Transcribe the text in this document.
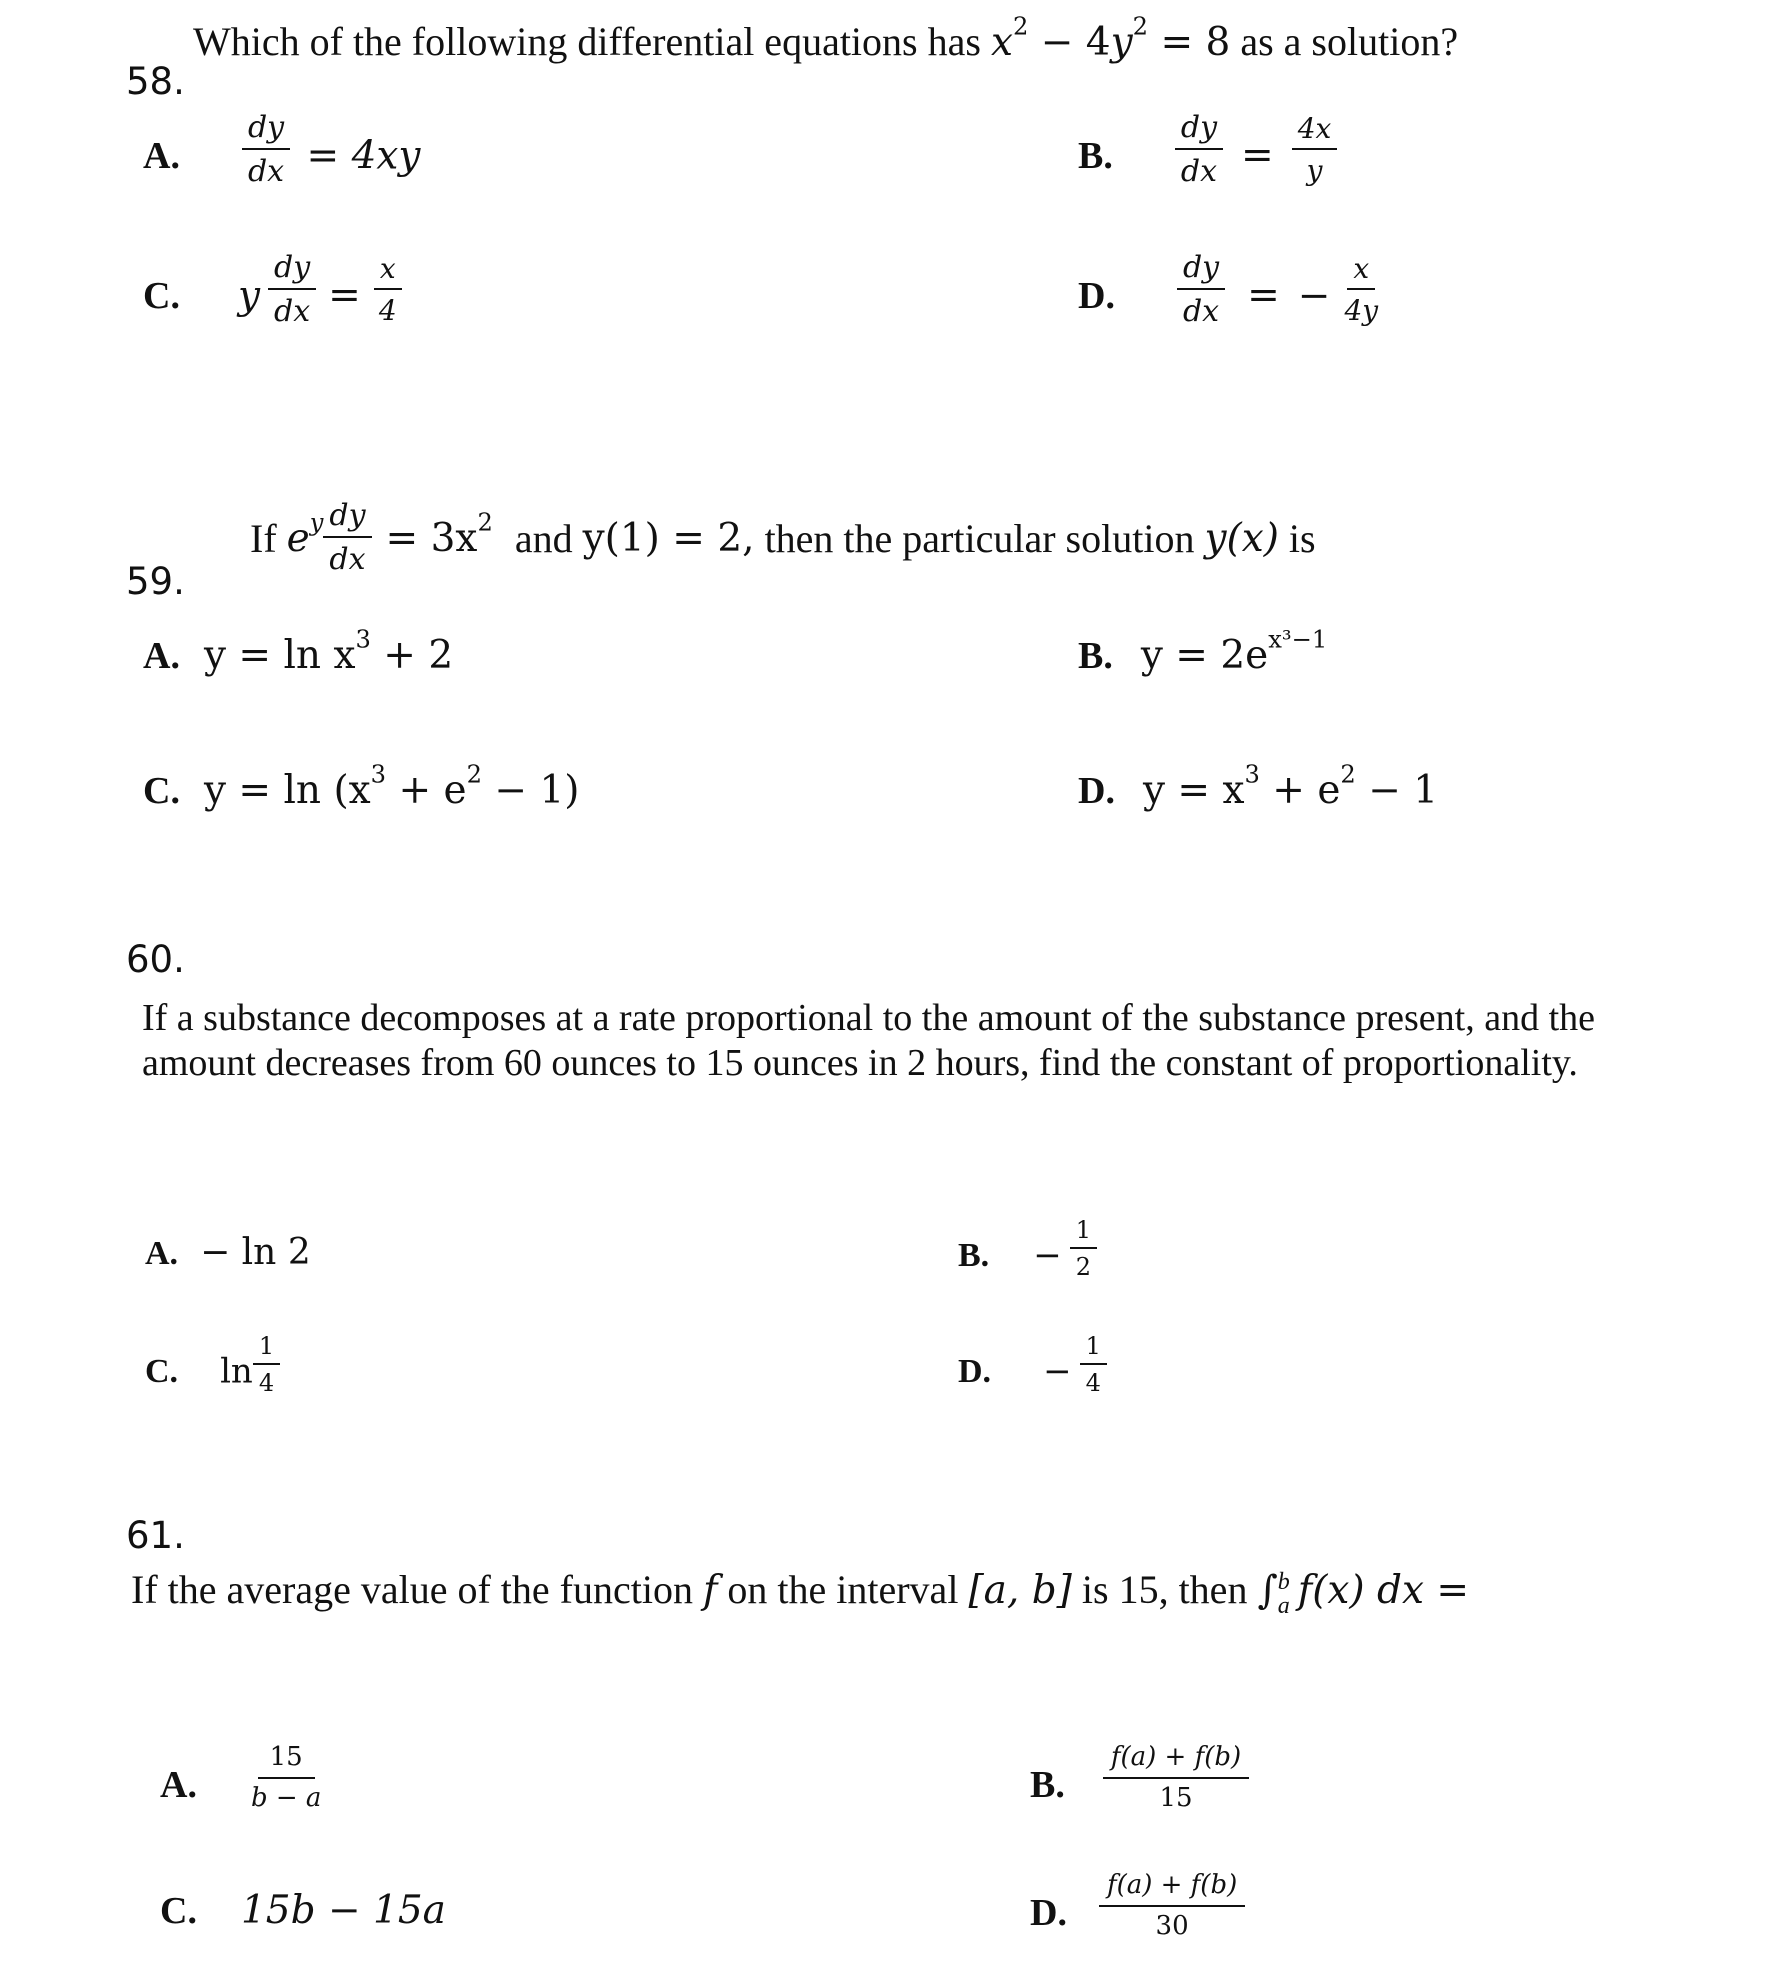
Which of the following differential equations has $x^2 - 4y^2 = 8$ as a solution?
58.
A. $\frac{dy}{dx} = 4xy$	B. $\frac{dy}{dx} = \frac{4x}{y}$
C. y $\frac{dy}{dx} = \frac{x}{4}$	D. $\frac{dy}{dx}$ = − $\frac{x}{4y}$
If $e^y \frac{dy}{dx} = 3x^2$ and y(1) = 2, then the particular solution y(x) is
59.
A. $y = \ln x^3 + 2$	B. $y = 2e^{x^3-1}$
C. $y = \ln (x^3 + e^2 - 1)$	D. $y = x^3 + e^2 - 1$
60.
If a substance decomposes at a rate proportional to the amount of the substance present, and the amount decreases from 60 ounces to 15 ounces in 2 hours, find the constant of proportionality.
A. − ln 2	B. − $\frac{1}{2}$
C. $\ln \frac{1}{4}$	D. − $\frac{1}{4}$
61.
If the average value of the function f on the interval [a, b] is 15, then ∫ b
a f(x) dx =
A. $\frac{15}{b - a}$	B. $\frac{f(a) + f(b)}{15}$
C. 15b − 15a	D. $\frac{f(a) + f(b)}{30}$
